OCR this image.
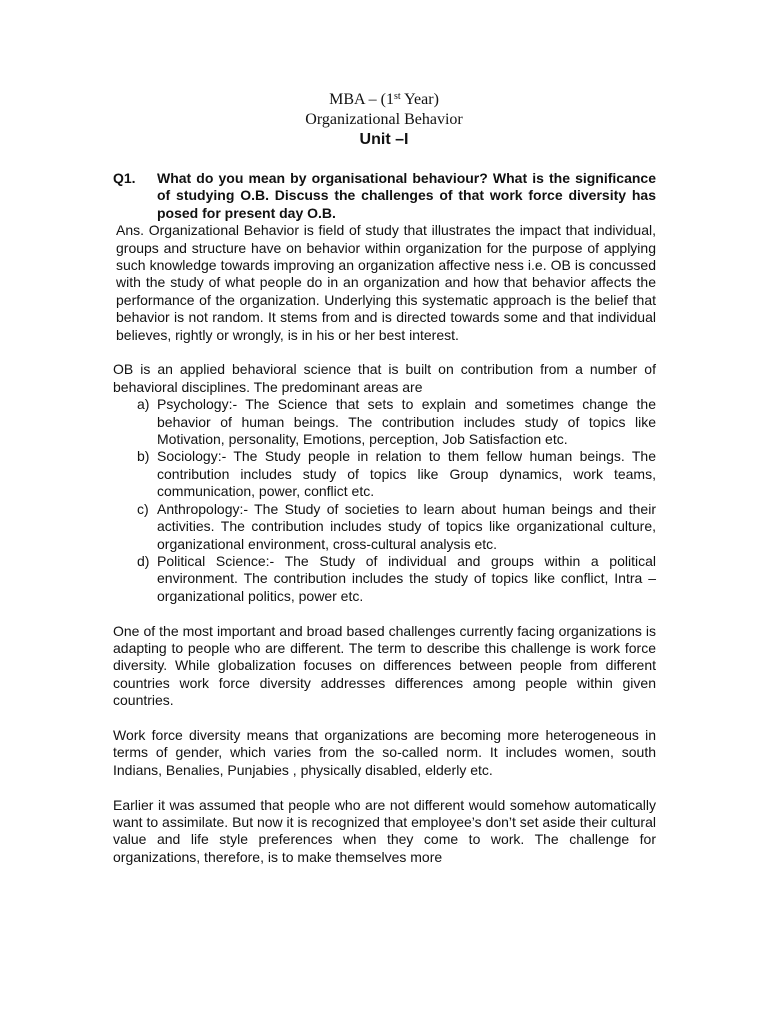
MBA – (1st Year)
Organizational Behavior
Unit –I
Q1.	What do you mean by organisational behaviour? What is the significance of studying O.B. Discuss the challenges of that work force diversity has posed for present day O.B.

Ans. Organizational Behavior is field of study that illustrates the impact that individual, groups and structure have on behavior within organization for the purpose of applying such knowledge towards improving an organization affective ness i.e. OB is concussed with the study of what people do in an organization and how that behavior affects the performance of the organization. Underlying this systematic approach is the belief that behavior is not random. It stems from and is directed towards some and that individual believes, rightly or wrongly, is in his or her best interest.

OB is an applied behavioral science that is built on contribution from a number of behavioral disciplines. The predominant areas are

a) Psychology:- The Science that sets to explain and sometimes change the behavior of human beings. The contribution includes study of topics like Motivation, personality, Emotions, perception, Job Satisfaction etc.
b) Sociology:- The Study people in relation to them fellow human beings. The contribution includes study of topics like Group dynamics, work teams, communication, power, conflict etc.
c) Anthropology:- The Study of societies to learn about human beings and their activities. The contribution includes study of topics like organizational culture, organizational environment, cross-cultural analysis etc.
d) Political Science:- The Study of individual and groups within a political environment. The contribution includes the study of topics like conflict, Intra – organizational politics, power etc.

One of the most important and broad based challenges currently facing organizations is adapting to people who are different. The term to describe this challenge is work force diversity. While globalization focuses on differences between people from different countries work force diversity addresses differences among people within given countries.

Work force diversity means that organizations are becoming more heterogeneous in terms of gender, which varies from the so-called norm. It includes women, south Indians, Benalies, Punjabies , physically disabled, elderly etc.

Earlier it was assumed that people who are not different would somehow automatically want to assimilate. But now it is recognized that employee’s don’t set aside their cultural value and life style preferences when they come to work. The challenge for organizations, therefore, is to make themselves more
